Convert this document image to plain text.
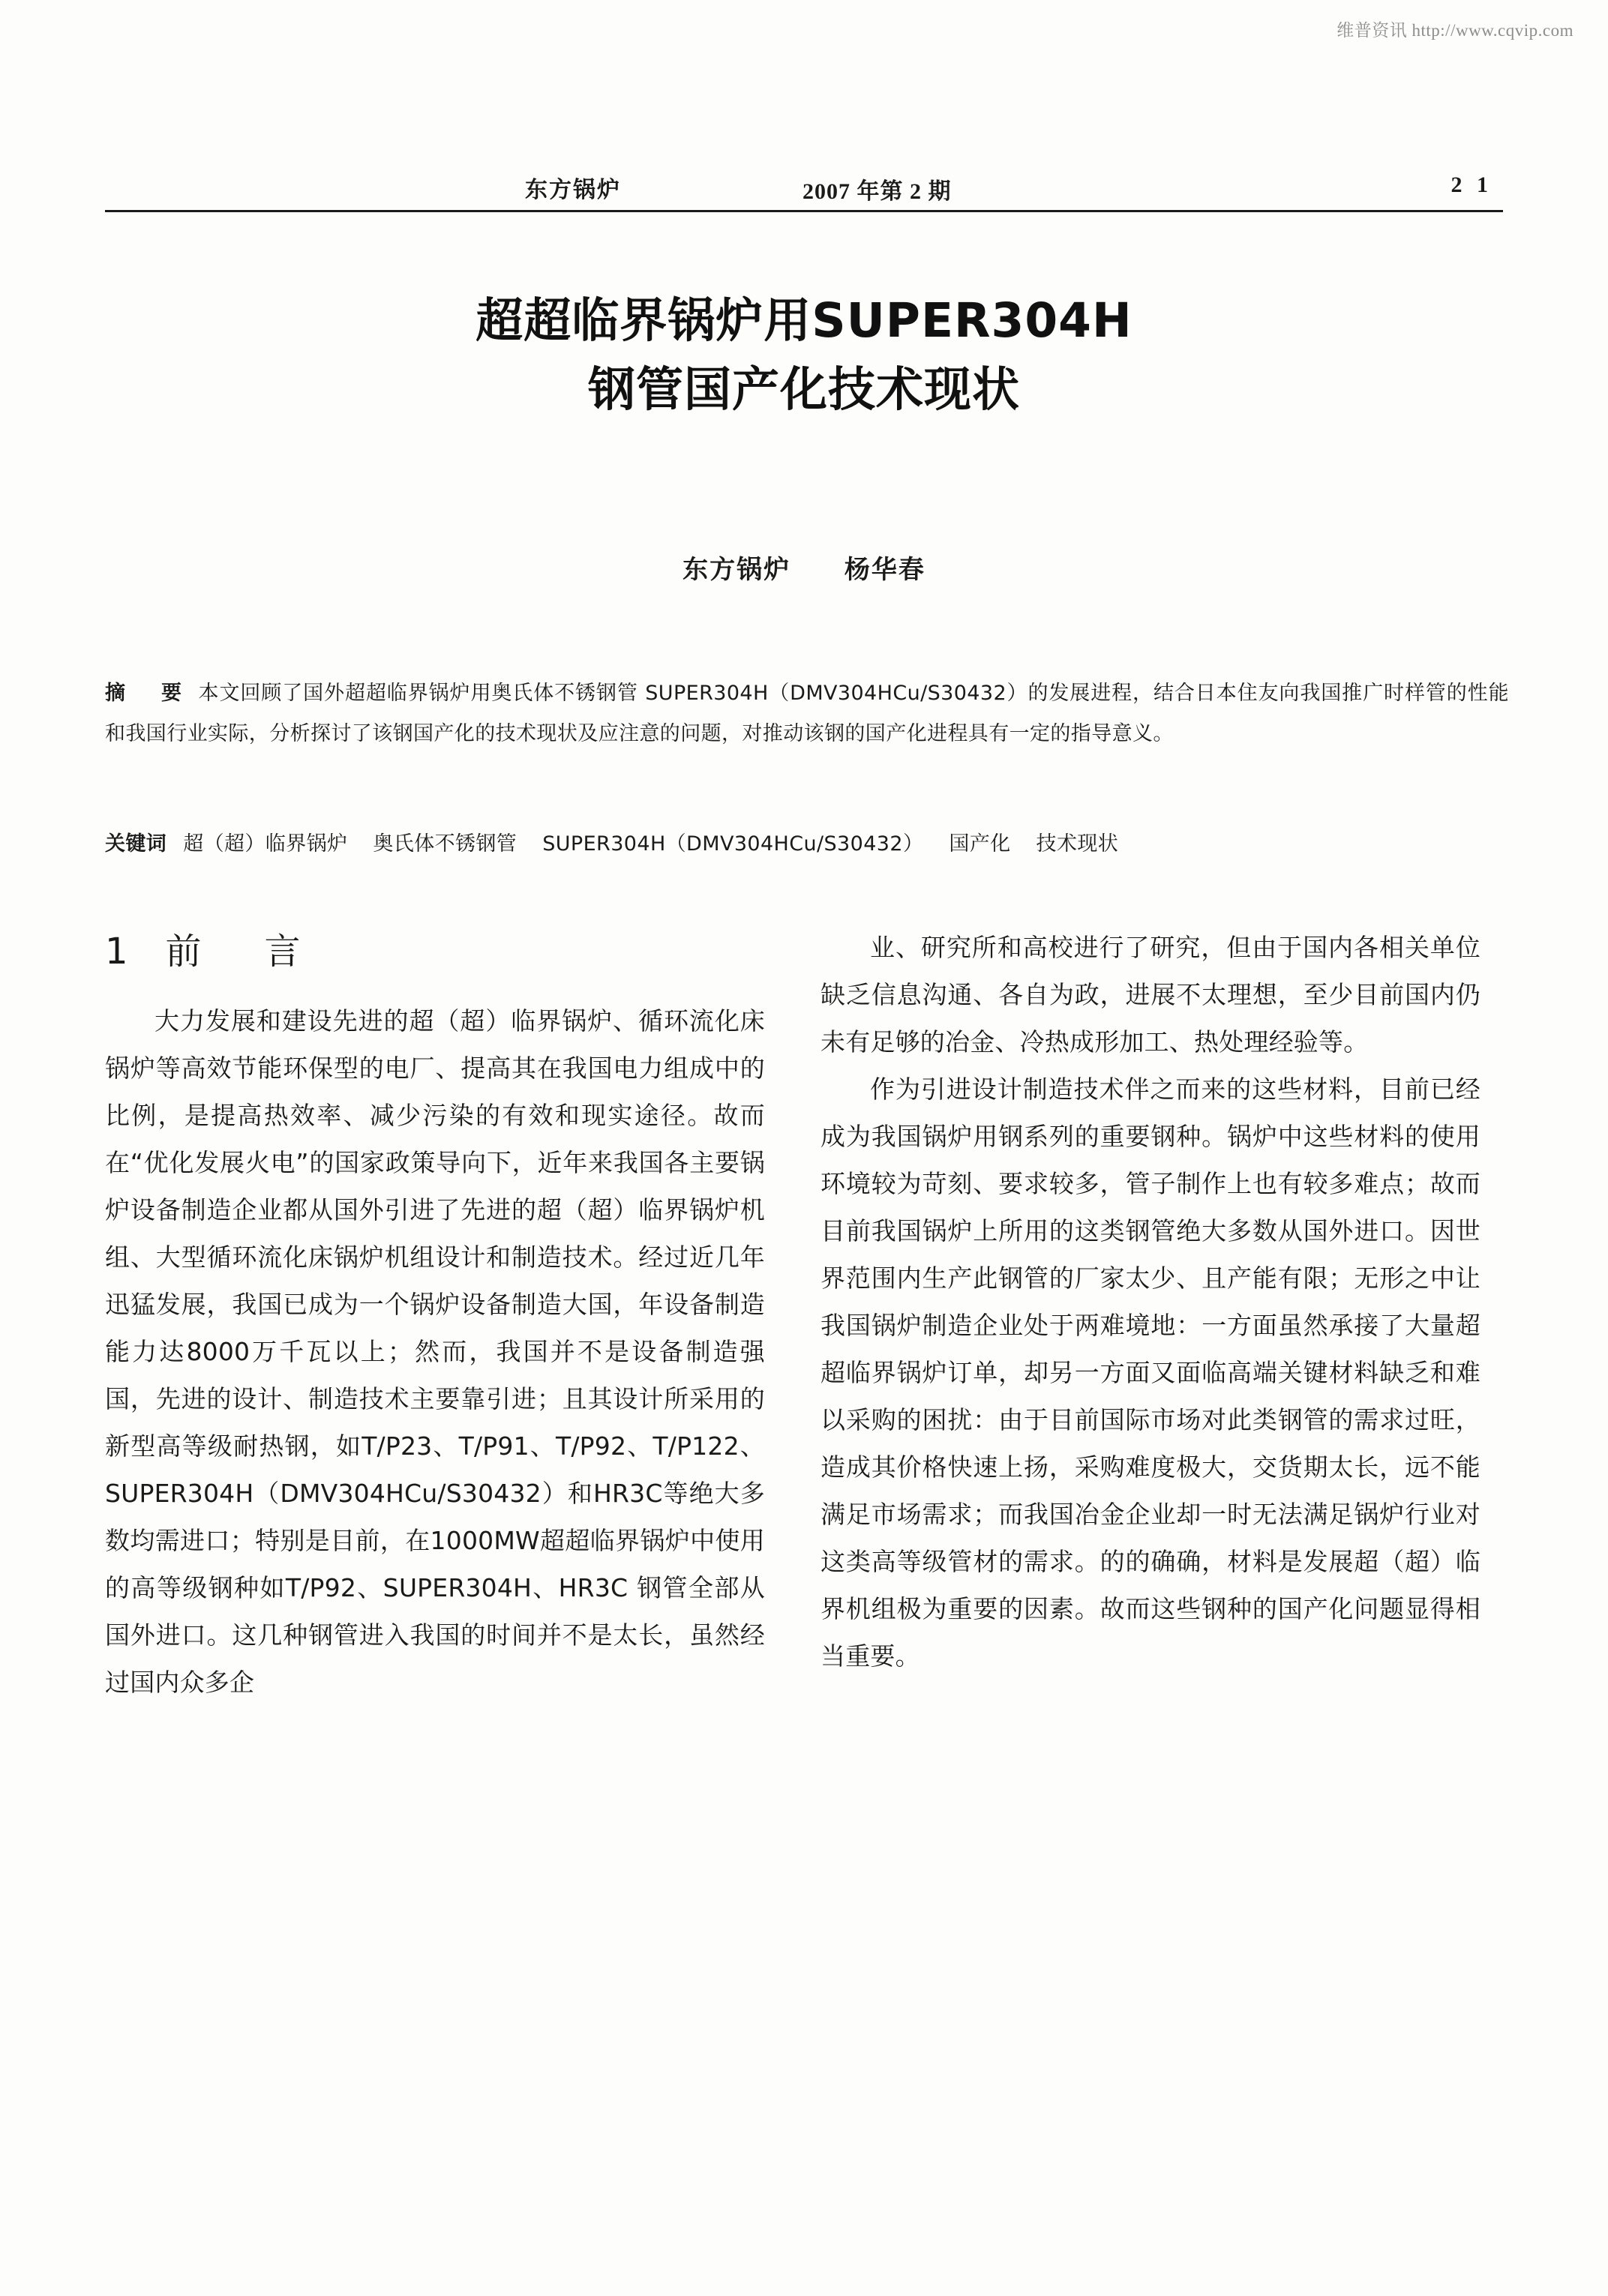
维普资讯 http://www.cqvip.com
东方锅炉	2007 年第 2 期	2 1
超超临界锅炉用SUPER304H
钢管国产化技术现状
东方锅炉 杨华春
摘　要 本文回顾了国外超超临界锅炉用奥氏体不锈钢管 SUPER304H（DMV304HCu/S30432）的发展进程，结合日本住友向我国推广时样管的性能和我国行业实际，分析探讨了该钢国产化的技术现状及应注意的问题，对推动该钢的国产化进程具有一定的指导意义。
关键词 超（超）临界锅炉 奥氏体不锈钢管 SUPER304H（DMV304HCu/S30432） 国产化 技术现状
1 前　言

大力发展和建设先进的超（超）临界锅炉、循环流化床锅炉等高效节能环保型的电厂、提高其在我国电力组成中的比例，是提高热效率、减少污染的有效和现实途径。故而在“优化发展火电”的国家政策导向下，近年来我国各主要锅炉设备制造企业都从国外引进了先进的超（超）临界锅炉机组、大型循环流化床锅炉机组设计和制造技术。经过近几年迅猛发展，我国已成为一个锅炉设备制造大国，年设备制造能力达8000万千瓦以上；然而，我国并不是设备制造强国，先进的设计、制造技术主要靠引进；且其设计所采用的新型高等级耐热钢，如T/P23、T/P91、T/P92、T/P122、SUPER304H（DMV304HCu/S30432）和HR3C等绝大多数均需进口；特别是目前，在1000MW超超临界锅炉中使用的高等级钢种如T/P92、SUPER304H、HR3C 钢管全部从国外进口。这几种钢管进入我国的时间并不是太长，虽然经过国内众多企

业、研究所和高校进行了研究，但由于国内各相关单位缺乏信息沟通、各自为政，进展不太理想，至少目前国内仍未有足够的冶金、冷热成形加工、热处理经验等。

作为引进设计制造技术伴之而来的这些材料，目前已经成为我国锅炉用钢系列的重要钢种。锅炉中这些材料的使用环境较为苛刻、要求较多，管子制作上也有较多难点；故而目前我国锅炉上所用的这类钢管绝大多数从国外进口。因世界范围内生产此钢管的厂家太少、且产能有限；无形之中让我国锅炉制造企业处于两难境地：一方面虽然承接了大量超超临界锅炉订单，却另一方面又面临高端关键材料缺乏和难以采购的困扰：由于目前国际市场对此类钢管的需求过旺，造成其价格快速上扬，采购难度极大，交货期太长，远不能满足市场需求；而我国冶金企业却一时无法满足锅炉行业对这类高等级管材的需求。的的确确，材料是发展超（超）临界机组极为重要的因素。故而这些钢种的国产化问题显得相当重要。
